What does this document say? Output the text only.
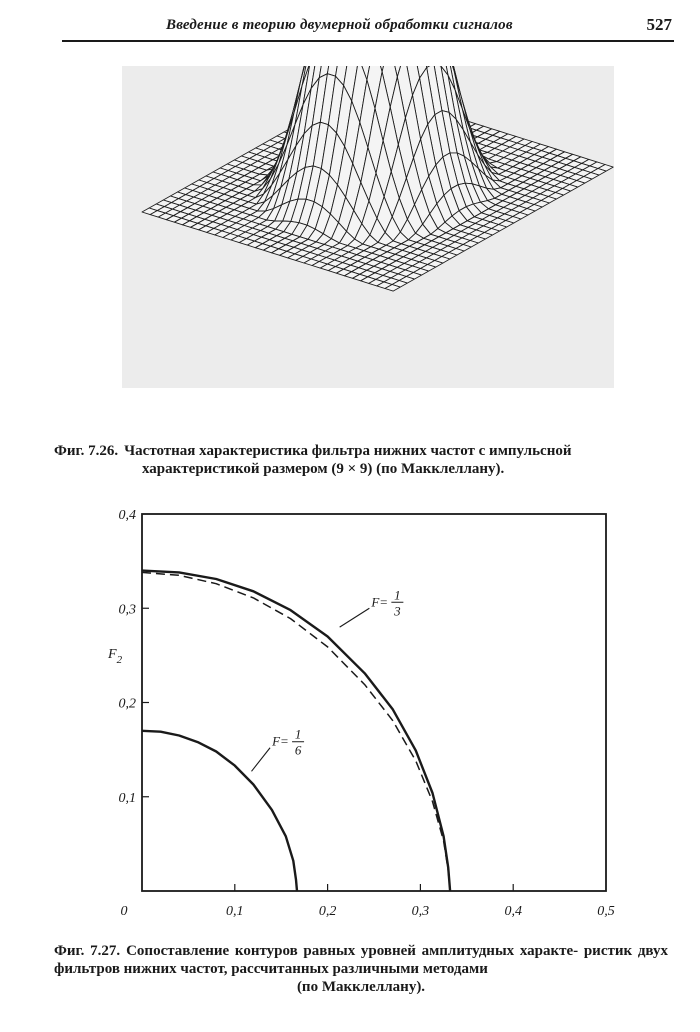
Введение в теорию двумерной обработки сигналов	527
Фиг. 7.26. Частотная характеристика фильтра нижних частот с импульсной
характеристикой размером (9 × 9) (по Макклеллану).
0	0,1	0,2	0,3	0,4	0,5
0,1
0,2
0,3
0,4
$F_2$
F= 1
6
F= 1
3
Фиг. 7.27. Сопоставление контуров равных уровней амплитудных характе- ристик двух фильтров нижних частот, рассчитанных различными методами
(по Макклеллану).
